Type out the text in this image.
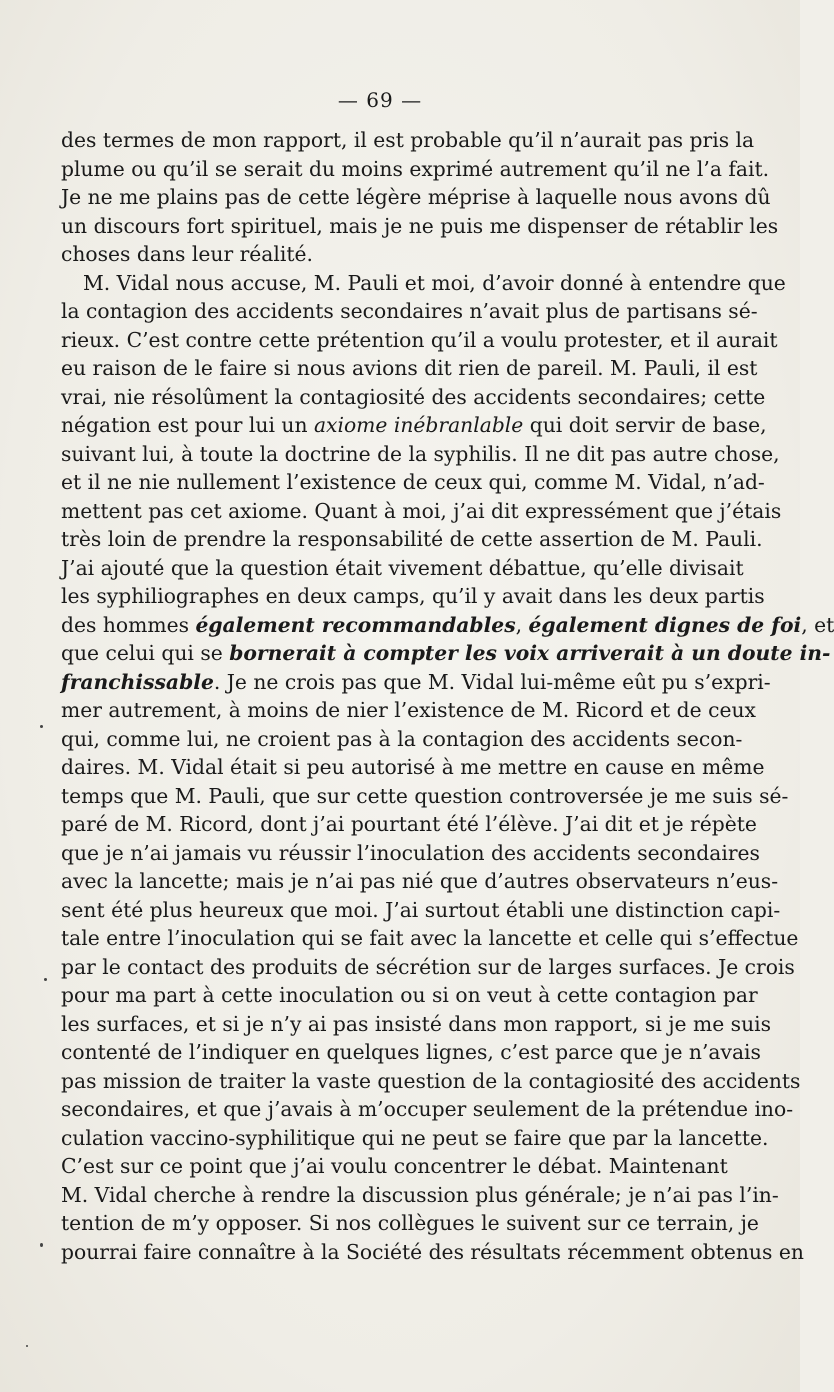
— 69 —
des termes de mon rapport, il est probable qu’il n’aurait pas pris la
plume ou qu’il se serait du moins exprimé autrement qu’il ne l’a fait.
Je ne me plains pas de cette légère méprise à laquelle nous avons dû
un discours fort spirituel, mais je ne puis me dispenser de rétablir les
choses dans leur réalité.
M. Vidal nous accuse, M. Pauli et moi, d’avoir donné à entendre que
la contagion des accidents secondaires n’avait plus de partisans sé-
rieux. C’est contre cette prétention qu’il a voulu protester, et il aurait
eu raison de le faire si nous avions dit rien de pareil. M. Pauli, il est
vrai, nie résolûment la contagiosité des accidents secondaires; cette
négation est pour lui un axiome inébranlable qui doit servir de base,
suivant lui, à toute la doctrine de la syphilis. Il ne dit pas autre chose,
et il ne nie nullement l’existence de ceux qui, comme M. Vidal, n’ad-
mettent pas cet axiome. Quant à moi, j’ai dit expressément que j’étais
très loin de prendre la responsabilité de cette assertion de M. Pauli.
J’ai ajouté que la question était vivement débattue, qu’elle divisait
les syphiliographes en deux camps, qu’il y avait dans les deux partis
des hommes également recommandables, également dignes de foi, et
que celui qui se bornerait à compter les voix arriverait à un doute in-
franchissable. Je ne crois pas que M. Vidal lui-même eût pu s’expri-
mer autrement, à moins de nier l’existence de M. Ricord et de ceux
qui, comme lui, ne croient pas à la contagion des accidents secon-
daires. M. Vidal était si peu autorisé à me mettre en cause en même
temps que M. Pauli, que sur cette question controversée je me suis sé-
paré de M. Ricord, dont j’ai pourtant été l’élève. J’ai dit et je répète
que je n’ai jamais vu réussir l’inoculation des accidents secondaires
avec la lancette; mais je n’ai pas nié que d’autres observateurs n’eus-
sent été plus heureux que moi. J’ai surtout établi une distinction capi-
tale entre l’inoculation qui se fait avec la lancette et celle qui s’effectue
par le contact des produits de sécrétion sur de larges surfaces. Je crois
pour ma part à cette inoculation ou si on veut à cette contagion par
les surfaces, et si je n’y ai pas insisté dans mon rapport, si je me suis
contenté de l’indiquer en quelques lignes, c’est parce que je n’avais
pas mission de traiter la vaste question de la contagiosité des accidents
secondaires, et que j’avais à m’occuper seulement de la prétendue ino-
culation vaccino-syphilitique qui ne peut se faire que par la lancette.
C’est sur ce point que j’ai voulu concentrer le débat. Maintenant
M. Vidal cherche à rendre la discussion plus générale; je n’ai pas l’in-
tention de m’y opposer. Si nos collègues le suivent sur ce terrain, je
pourrai faire connaître à la Société des résultats récemment obtenus en
